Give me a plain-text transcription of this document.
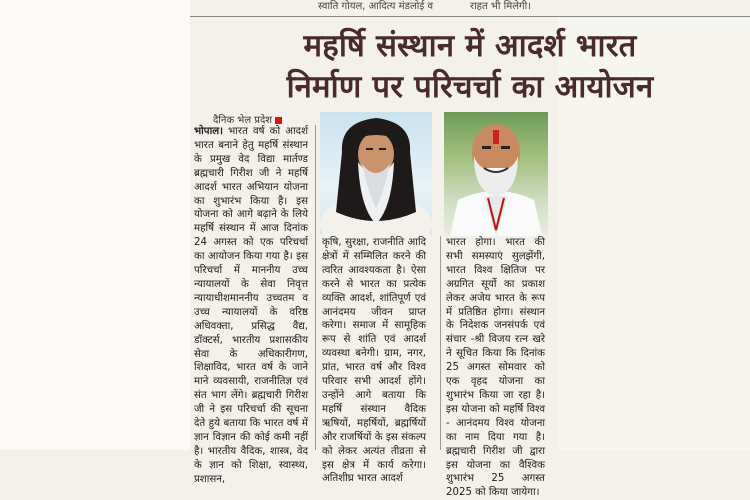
स्वाति गोयल, आदित्य मंडलोई व	राहत भी मिलेगी।

महर्षि संस्थान में आदर्श भारत

निर्माण पर परिचर्चा का आयोजन

दैनिक भेल प्रदेश
भोपाल। भारत वर्ष को आदर्श भारत बनाने हेतु महर्षि संस्थान के प्रमुख वेद विद्या मार्तण्ड ब्रह्मचारी गिरीश जी ने महर्षि आदर्श भारत अभियान योजना का शुभारंभ किया है। इस योजना को आगे बढ़ाने के लिये महर्षि संस्थान में आज दिनांक 24 अगस्त को एक परिचर्चा का आयोजन किया गया है। इस परिचर्चा में माननीय उच्च न्यायालयों के सेवा निवृत्त न्यायाधीशमाननीय उच्चतम व उच्च न्यायालयों के वरिष्ठ अधिवक्ता, प्रसिद्ध वैद्य, डॉक्टर्स, भारतीय प्रशासकीय सेवा के अधिकारीगण, शिक्षाविद, भारत वर्ष के जाने माने व्यवसायी, राजनीतिज्ञ एवं संत भाग लेंगे। ब्रह्मचारी गिरीश जी ने इस परिचर्चा की सूचना देते हुये बताया कि भारत वर्ष में ज्ञान विज्ञान की कोई कमी नहीं है। भारतीय वैदिक, शास्त्र, वेद के ज्ञान को शिक्षा, स्वास्थ्य, प्रशासन,
कृषि, सुरक्षा, राजनीति आदि क्षेत्रों में सम्मिलित करने की त्वरित आवश्यकता है। ऐसा करने से भारत का प्रत्येक व्यक्ति आदर्श, शांतिपूर्ण एवं आनंदमय जीवन प्राप्त करेगा। समाज में सामूहिक रूप से शांति एवं आदर्श व्यवस्था बनेगी। ग्राम, नगर, प्रांत, भारत वर्ष और विश्व परिवार सभी आदर्श होंगे। उन्होंने आगे बताया कि महर्षि संस्थान वैदिक ऋषियों, महर्षियों, ब्रह्मर्षियों और राजर्षियों के इस संकल्प को लेकर अत्यंत तीव्रता से इस क्षेत्र में कार्य करेगा। अतिशीघ्र भारत आदर्श
भारत होगा। भारत की सभी समस्याएं सुलझेंगी, भारत विश्व क्षितिज पर अग्रगित सूर्यो का प्रकाश लेकर अजेय भारत के रूप में प्रतिष्ठित होगा। संस्थान के निदेशक जनसंपर्क एवं संचार -श्री विजय रत्न खरे ने सूचित किया कि दिनांक 25 अगस्त सोमवार को एक वृहद योजना का शुभारंभ किया जा रहा है। इस योजना को महर्षि विश्व - आनंदमय विश्व योजना का नाम दिया गया है। ब्रह्मचारी गिरीश जी द्वारा इस योजना का वैश्विक शुभारंभ 25 अगस्त 2025 को किया जायेगा।
